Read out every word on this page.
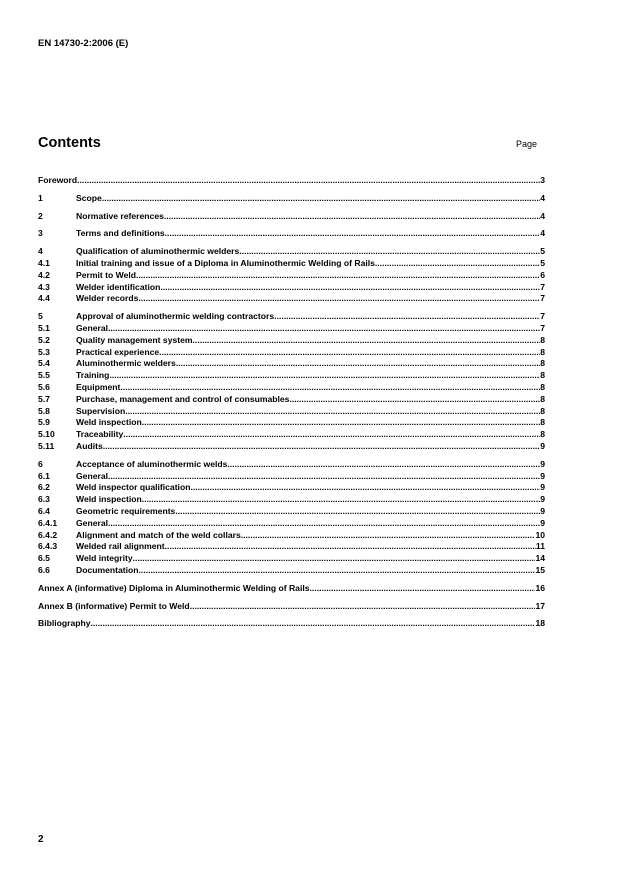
EN 14730-2:2006 (E)
Contents	Page
Foreword .....	3
1	Scope .....	4
2	Normative references .....	4
3	Terms and definitions .....	4
4	Qualification of aluminothermic welders .....	5
4.1	Initial training and issue of a Diploma in Aluminothermic Welding of Rails .....	5
4.2	Permit to Weld .....	6
4.3	Welder identification .....	7
4.4	Welder records .....	7
5	Approval of aluminothermic welding contractors .....	7
5.1	General .....	7
5.2	Quality management system .....	8
5.3	Practical experience .....	8
5.4	Aluminothermic welders .....	8
5.5	Training .....	8
5.6	Equipment .....	8
5.7	Purchase, management and control of consumables .....	8
5.8	Supervision .....	8
5.9	Weld inspection .....	8
5.10	Traceability .....	8
5.11	Audits .....	9
6	Acceptance of aluminothermic welds .....	9
6.1	General .....	9
6.2	Weld inspector qualification .....	9
6.3	Weld inspection .....	9
6.4	Geometric requirements .....	9
6.4.1	General .....	9
6.4.2	Alignment and match of the weld collars .....	10
6.4.3	Welded rail alignment .....	11
6.5	Weld integrity .....	14
6.6	Documentation .....	15
Annex A (informative) Diploma in Aluminothermic Welding of Rails .....	16
Annex B (informative) Permit to Weld .....	17
Bibliography .....	18
2
